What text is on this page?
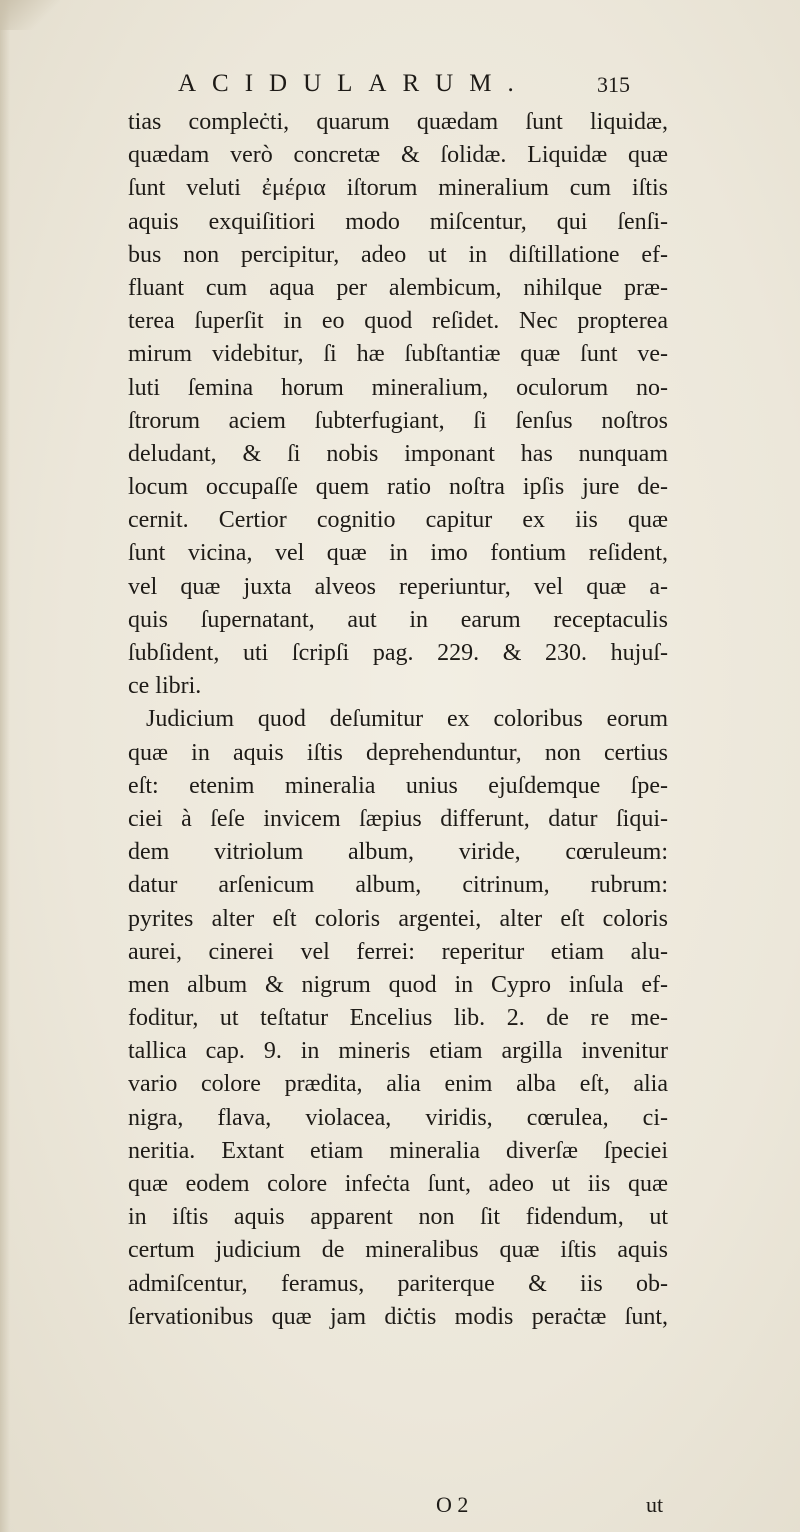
ACIDULARUM.	315
tias compleċti, quarum quædam ſunt liquidæ,
quædam verò concretæ & ſolidæ. Liquidæ quæ
ſunt veluti ἐμέρια iſtorum mineralium cum iſtis
aquis exquiſitiori modo miſcentur, qui ſenſi-
bus non percipitur, adeo ut in diſtillatione ef-
fluant cum aqua per alembicum, nihilque præ-
terea ſuperſit in eo quod reſidet. Nec propterea
mirum videbitur, ſi hæ ſubſtantiæ quæ ſunt ve-
luti ſemina horum mineralium, oculorum no-
ſtrorum aciem ſubterfugiant, ſi ſenſus noſtros
deludant, & ſi nobis imponant has nunquam
locum occupaſſe quem ratio noſtra ipſis jure de-
cernit. Certior cognitio capitur ex iis quæ
ſunt vicina, vel quæ in imo fontium reſident,
vel quæ juxta alveos reperiuntur, vel quæ a-
quis ſupernatant, aut in earum receptaculis
ſubſident, uti ſcripſi pag. 229. & 230. hujuſ-
ce libri.
Judicium quod deſumitur ex coloribus eorum
quæ in aquis iſtis deprehenduntur, non certius
eſt: etenim mineralia unius ejuſdemque ſpe-
ciei à ſeſe invicem ſæpius differunt, datur ſiqui-
dem vitriolum album, viride, cœruleum:
datur arſenicum album, citrinum, rubrum:
pyrites alter eſt coloris argentei, alter eſt coloris
aurei, cinerei vel ferrei: reperitur etiam alu-
men album & nigrum quod in Cypro inſula ef-
foditur, ut teſtatur Encelius lib. 2. de re me-
tallica cap. 9. in mineris etiam argilla invenitur
vario colore prædita, alia enim alba eſt, alia
nigra, flava, violacea, viridis, cœrulea, ci-
neritia. Extant etiam mineralia diverſæ ſpeciei
quæ eodem colore infeċta ſunt, adeo ut iis quæ
in iſtis aquis apparent non ſit fidendum, ut
certum judicium de mineralibus quæ iſtis aquis
admiſcentur, feramus, pariterque & iis ob-
ſervationibus quæ jam diċtis modis peraċtæ ſunt,
O 2	ut
